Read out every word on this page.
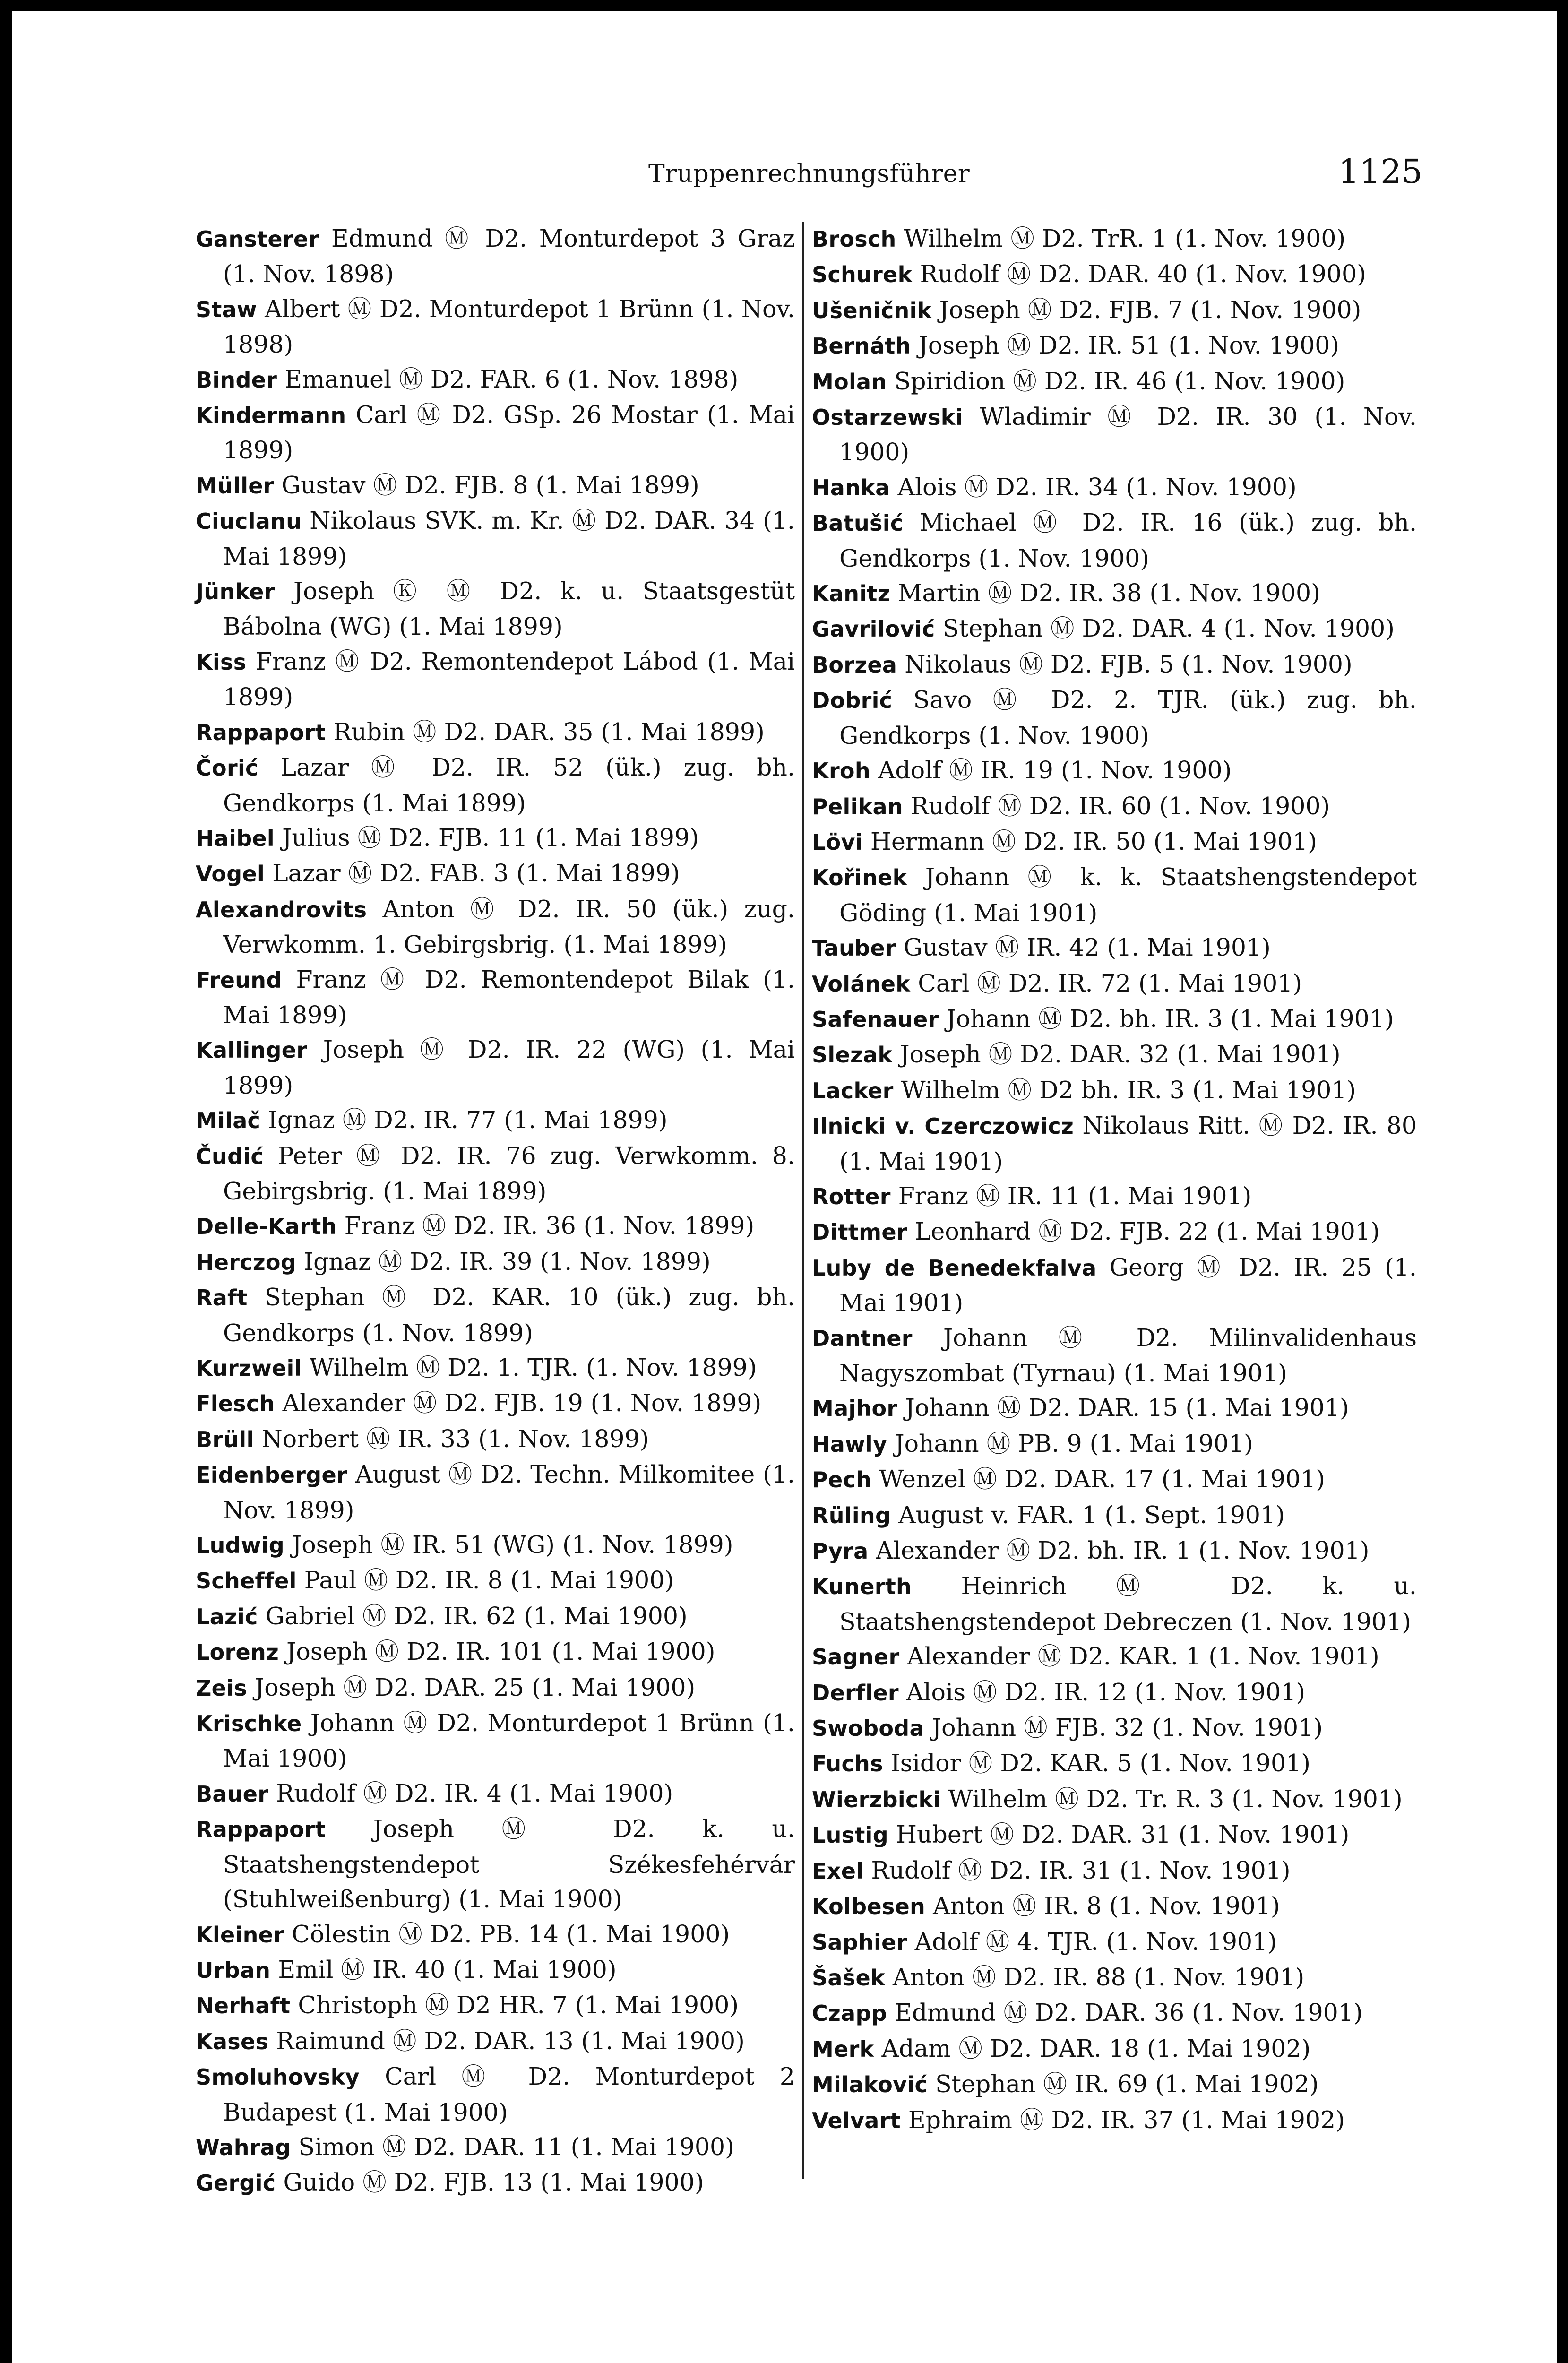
Truppenrechnungsführer	1125
Gansterer Edmund Ⓜ D2. Monturdepot 3 Graz (1. Nov. 1898)
Staw Albert Ⓜ D2. Monturdepot 1 Brünn (1. Nov. 1898)
Binder Emanuel Ⓜ D2. FAR. 6 (1. Nov. 1898)
Kindermann Carl Ⓜ D2. GSp. 26 Mostar (1. Mai 1899)
Müller Gustav Ⓜ D2. FJB. 8 (1. Mai 1899)
Ciuclanu Nikolaus SVK. m. Kr. Ⓜ D2. DAR. 34 (1. Mai 1899)
Jünker Joseph Ⓚ Ⓜ D2. k. u. Staatsgestüt Bábolna (WG) (1. Mai 1899)
Kiss Franz Ⓜ D2. Remontendepot Lábod (1. Mai 1899)
Rappaport Rubin Ⓜ D2. DAR. 35 (1. Mai 1899)
Čorić Lazar Ⓜ D2. IR. 52 (ük.) zug. bh. Gendkorps (1. Mai 1899)
Haibel Julius Ⓜ D2. FJB. 11 (1. Mai 1899)
Vogel Lazar Ⓜ D2. FAB. 3 (1. Mai 1899)
Alexandrovits Anton Ⓜ D2. IR. 50 (ük.) zug. Verwkomm. 1. Gebirgsbrig. (1. Mai 1899)
Freund Franz Ⓜ D2. Remontendepot Bilak (1. Mai 1899)
Kallinger Joseph Ⓜ D2. IR. 22 (WG) (1. Mai 1899)
Milač Ignaz Ⓜ D2. IR. 77 (1. Mai 1899)
Čudić Peter Ⓜ D2. IR. 76 zug. Verwkomm. 8. Gebirgsbrig. (1. Mai 1899)
Delle-Karth Franz Ⓜ D2. IR. 36 (1. Nov. 1899)
Herczog Ignaz Ⓜ D2. IR. 39 (1. Nov. 1899)
Raft Stephan Ⓜ D2. KAR. 10 (ük.) zug. bh. Gendkorps (1. Nov. 1899)
Kurzweil Wilhelm Ⓜ D2. 1. TJR. (1. Nov. 1899)
Flesch Alexander Ⓜ D2. FJB. 19 (1. Nov. 1899)
Brüll Norbert Ⓜ IR. 33 (1. Nov. 1899)
Eidenberger August Ⓜ D2. Techn. Milkomitee (1. Nov. 1899)
Ludwig Joseph Ⓜ IR. 51 (WG) (1. Nov. 1899)
Scheffel Paul Ⓜ D2. IR. 8 (1. Mai 1900)
Lazić Gabriel Ⓜ D2. IR. 62 (1. Mai 1900)
Lorenz Joseph Ⓜ D2. IR. 101 (1. Mai 1900)
Zeis Joseph Ⓜ D2. DAR. 25 (1. Mai 1900)
Krischke Johann Ⓜ D2. Monturdepot 1 Brünn (1. Mai 1900)
Bauer Rudolf Ⓜ D2. IR. 4 (1. Mai 1900)
Rappaport Joseph Ⓜ D2. k. u. Staatshengstendepot Székesfehérvár (Stuhlweißenburg) (1. Mai 1900)
Kleiner Cölestin Ⓜ D2. PB. 14 (1. Mai 1900)
Urban Emil Ⓜ IR. 40 (1. Mai 1900)
Nerhaft Christoph Ⓜ D2 HR. 7 (1. Mai 1900)
Kases Raimund Ⓜ D2. DAR. 13 (1. Mai 1900)
Smoluhovsky Carl Ⓜ D2. Monturdepot 2 Budapest (1. Mai 1900)
Wahrag Simon Ⓜ D2. DAR. 11 (1. Mai 1900)
Gergić Guido Ⓜ D2. FJB. 13 (1. Mai 1900)
Brosch Wilhelm Ⓜ D2. TrR. 1 (1. Nov. 1900)
Schurek Rudolf Ⓜ D2. DAR. 40 (1. Nov. 1900)
Ušeničnik Joseph Ⓜ D2. FJB. 7 (1. Nov. 1900)
Bernáth Joseph Ⓜ D2. IR. 51 (1. Nov. 1900)
Molan Spiridion Ⓜ D2. IR. 46 (1. Nov. 1900)
Ostarzewski Wladimir Ⓜ D2. IR. 30 (1. Nov. 1900)
Hanka Alois Ⓜ D2. IR. 34 (1. Nov. 1900)
Batušić Michael Ⓜ D2. IR. 16 (ük.) zug. bh. Gendkorps (1. Nov. 1900)
Kanitz Martin Ⓜ D2. IR. 38 (1. Nov. 1900)
Gavrilović Stephan Ⓜ D2. DAR. 4 (1. Nov. 1900)
Borzea Nikolaus Ⓜ D2. FJB. 5 (1. Nov. 1900)
Dobrić Savo Ⓜ D2. 2. TJR. (ük.) zug. bh. Gendkorps (1. Nov. 1900)
Kroh Adolf Ⓜ IR. 19 (1. Nov. 1900)
Pelikan Rudolf Ⓜ D2. IR. 60 (1. Nov. 1900)
Lövi Hermann Ⓜ D2. IR. 50 (1. Mai 1901)
Kořinek Johann Ⓜ k. k. Staatshengstendepot Göding (1. Mai 1901)
Tauber Gustav Ⓜ IR. 42 (1. Mai 1901)
Volánek Carl Ⓜ D2. IR. 72 (1. Mai 1901)
Safenauer Johann Ⓜ D2. bh. IR. 3 (1. Mai 1901)
Slezak Joseph Ⓜ D2. DAR. 32 (1. Mai 1901)
Lacker Wilhelm Ⓜ D2 bh. IR. 3 (1. Mai 1901)
Ilnicki v. Czerczowicz Nikolaus Ritt. Ⓜ D2. IR. 80 (1. Mai 1901)
Rotter Franz Ⓜ IR. 11 (1. Mai 1901)
Dittmer Leonhard Ⓜ D2. FJB. 22 (1. Mai 1901)
Luby de Benedekfalva Georg Ⓜ D2. IR. 25 (1. Mai 1901)
Dantner Johann Ⓜ D2. Milinvalidenhaus Nagyszombat (Tyrnau) (1. Mai 1901)
Majhor Johann Ⓜ D2. DAR. 15 (1. Mai 1901)
Hawly Johann Ⓜ PB. 9 (1. Mai 1901)
Pech Wenzel Ⓜ D2. DAR. 17 (1. Mai 1901)
Rüling August v. FAR. 1 (1. Sept. 1901)
Pyra Alexander Ⓜ D2. bh. IR. 1 (1. Nov. 1901)
Kunerth Heinrich Ⓜ D2. k. u. Staatshengstendepot Debreczen (1. Nov. 1901)
Sagner Alexander Ⓜ D2. KAR. 1 (1. Nov. 1901)
Derfler Alois Ⓜ D2. IR. 12 (1. Nov. 1901)
Swoboda Johann Ⓜ FJB. 32 (1. Nov. 1901)
Fuchs Isidor Ⓜ D2. KAR. 5 (1. Nov. 1901)
Wierzbicki Wilhelm Ⓜ D2. Tr. R. 3 (1. Nov. 1901)
Lustig Hubert Ⓜ D2. DAR. 31 (1. Nov. 1901)
Exel Rudolf Ⓜ D2. IR. 31 (1. Nov. 1901)
Kolbesen Anton Ⓜ IR. 8 (1. Nov. 1901)
Saphier Adolf Ⓜ 4. TJR. (1. Nov. 1901)
Šašek Anton Ⓜ D2. IR. 88 (1. Nov. 1901)
Czapp Edmund Ⓜ D2. DAR. 36 (1. Nov. 1901)
Merk Adam Ⓜ D2. DAR. 18 (1. Mai 1902)
Milaković Stephan Ⓜ IR. 69 (1. Mai 1902)
Velvart Ephraim Ⓜ D2. IR. 37 (1. Mai 1902)
